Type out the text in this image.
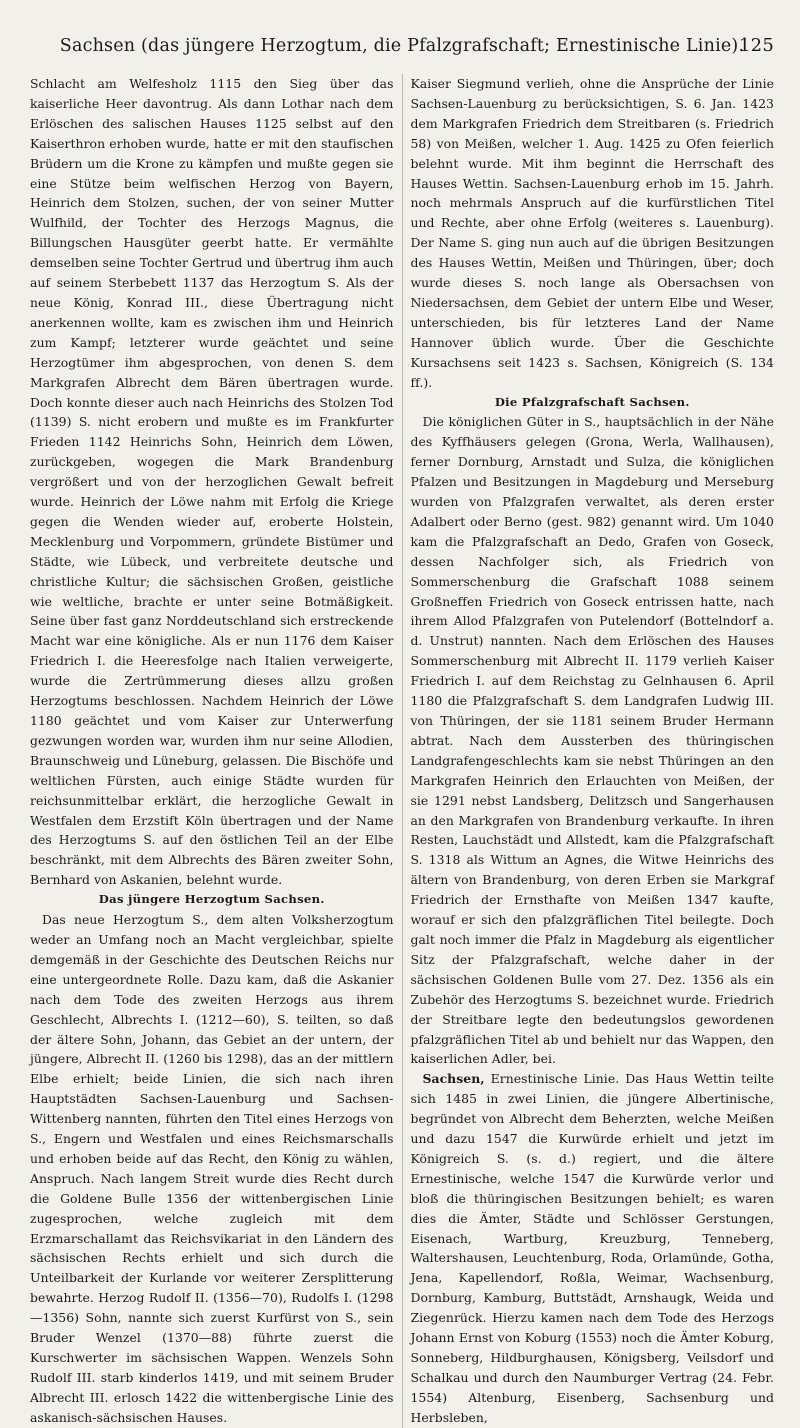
Sachsen (das jüngere Herzogtum, die Pfalzgrafschaft; Ernestinische Linie).
125

Schlacht am Welfesholz 1115 den Sieg über das kaiserliche Heer davontrug. Als dann Lothar nach dem Erlöschen des salischen Hauses 1125 selbst auf den Kaiserthron erhoben wurde, hatte er mit den staufischen Brüdern um die Krone zu kämpfen und mußte gegen sie eine Stütze beim welfischen Herzog von Bayern, Heinrich dem Stolzen, suchen, der von seiner Mutter Wulfhild, der Tochter des Herzogs Magnus, die Billungschen Hausgüter geerbt hatte. Er vermählte demselben seine Tochter Gertrud und übertrug ihm auch auf seinem Sterbebett 1137 das Herzogtum S. Als der neue König, Konrad III., diese Übertragung nicht anerkennen wollte, kam es zwischen ihm und Heinrich zum Kampf; letzterer wurde geächtet und seine Herzogtümer ihm abgesprochen, von denen S. dem Markgrafen Albrecht dem Bären übertragen wurde. Doch konnte dieser auch nach Heinrichs des Stolzen Tod (1139) S. nicht erobern und mußte es im Frankfurter Frieden 1142 Heinrichs Sohn, Heinrich dem Löwen, zurückgeben, wogegen die Mark Brandenburg vergrößert und von der herzoglichen Gewalt befreit wurde. Heinrich der Löwe nahm mit Erfolg die Kriege gegen die Wenden wieder auf, eroberte Holstein, Mecklenburg und Vorpommern, gründete Bistümer und Städte, wie Lübeck, und verbreitete deutsche und christliche Kultur; die sächsischen Großen, geistliche wie weltliche, brachte er unter seine Botmäßigkeit. Seine über fast ganz Norddeutschland sich erstreckende Macht war eine königliche. Als er nun 1176 dem Kaiser Friedrich I. die Heeresfolge nach Italien verweigerte, wurde die Zertrümmerung dieses allzu großen Herzogtums beschlossen. Nachdem Heinrich der Löwe 1180 geächtet und vom Kaiser zur Unterwerfung gezwungen worden war, wurden ihm nur seine Allodien, Braunschweig und Lüneburg, gelassen. Die Bischöfe und weltlichen Fürsten, auch einige Städte wurden für reichsunmittelbar erklärt, die herzogliche Gewalt in Westfalen dem Erzstift Köln übertragen und der Name des Herzogtums S. auf den östlichen Teil an der Elbe beschränkt, mit dem Albrechts des Bären zweiter Sohn, Bernhard von Askanien, belehnt wurde.

Das jüngere Herzogtum Sachsen.

Das neue Herzogtum S., dem alten Volksherzogtum weder an Umfang noch an Macht vergleichbar, spielte demgemäß in der Geschichte des Deutschen Reichs nur eine untergeordnete Rolle. Dazu kam, daß die Askanier nach dem Tode des zweiten Herzogs aus ihrem Geschlecht, Albrechts I. (1212—60), S. teilten, so daß der ältere Sohn, Johann, das Gebiet an der untern, der jüngere, Albrecht II. (1260 bis 1298), das an der mittlern Elbe erhielt; beide Linien, die sich nach ihren Hauptstädten Sachsen-Lauenburg und Sachsen-Wittenberg nannten, führten den Titel eines Herzogs von S., Engern und Westfalen und eines Reichsmarschalls und erhoben beide auf das Recht, den König zu wählen, Anspruch. Nach langem Streit wurde dies Recht durch die Goldene Bulle 1356 der wittenbergischen Linie zugesprochen, welche zugleich mit dem Erzmarschallamt das Reichsvikariat in den Ländern des sächsischen Rechts erhielt und sich durch die Unteilbarkeit der Kurlande vor weiterer Zersplitterung bewahrte. Herzog Rudolf II. (1356—70), Rudolfs I. (1298—1356) Sohn, nannte sich zuerst Kurfürst von S., sein Bruder Wenzel (1370—88) führte zuerst die Kurschwerter im sächsischen Wappen. Wenzels Sohn Rudolf III. starb kinderlos 1419, und mit seinem Bruder Albrecht III. erlosch 1422 die wittenbergische Linie des askanisch-sächsischen Hauses.

Kaiser Siegmund verlieh, ohne die Ansprüche der Linie Sachsen-Lauenburg zu berücksichtigen, S. 6. Jan. 1423 dem Markgrafen Friedrich dem Streitbaren (s. Friedrich 58) von Meißen, welcher 1. Aug. 1425 zu Ofen feierlich belehnt wurde. Mit ihm beginnt die Herrschaft des Hauses Wettin. Sachsen-Lauenburg erhob im 15. Jahrh. noch mehrmals Anspruch auf die kurfürstlichen Titel und Rechte, aber ohne Erfolg (weiteres s. Lauenburg). Der Name S. ging nun auch auf die übrigen Besitzungen des Hauses Wettin, Meißen und Thüringen, über; doch wurde dieses S. noch lange als Obersachsen von Niedersachsen, dem Gebiet der untern Elbe und Weser, unterschieden, bis für letzteres Land der Name Hannover üblich wurde. Über die Geschichte Kursachsens seit 1423 s. Sachsen, Königreich (S. 134 ff.).

Die Pfalzgrafschaft Sachsen.

Die königlichen Güter in S., hauptsächlich in der Nähe des Kyffhäusers gelegen (Grona, Werla, Wallhausen), ferner Dornburg, Arnstadt und Sulza, die königlichen Pfalzen und Besitzungen in Magdeburg und Merseburg wurden von Pfalzgrafen verwaltet, als deren erster Adalbert oder Berno (gest. 982) genannt wird. Um 1040 kam die Pfalzgrafschaft an Dedo, Grafen von Goseck, dessen Nachfolger sich, als Friedrich von Sommerschenburg die Grafschaft 1088 seinem Großneffen Friedrich von Goseck entrissen hatte, nach ihrem Allod Pfalzgrafen von Putelendorf (Bottelndorf a. d. Unstrut) nannten. Nach dem Erlöschen des Hauses Sommerschenburg mit Albrecht II. 1179 verlieh Kaiser Friedrich I. auf dem Reichstag zu Gelnhausen 6. April 1180 die Pfalzgrafschaft S. dem Landgrafen Ludwig III. von Thüringen, der sie 1181 seinem Bruder Hermann abtrat. Nach dem Aussterben des thüringischen Landgrafengeschlechts kam sie nebst Thüringen an den Markgrafen Heinrich den Erlauchten von Meißen, der sie 1291 nebst Landsberg, Delitzsch und Sangerhausen an den Markgrafen von Brandenburg verkaufte. In ihren Resten, Lauchstädt und Allstedt, kam die Pfalzgrafschaft S. 1318 als Wittum an Agnes, die Witwe Heinrichs des ältern von Brandenburg, von deren Erben sie Markgraf Friedrich der Ernsthafte von Meißen 1347 kaufte, worauf er sich den pfalzgräflichen Titel beilegte. Doch galt noch immer die Pfalz in Magdeburg als eigentlicher Sitz der Pfalzgrafschaft, welche daher in der sächsischen Goldenen Bulle vom 27. Dez. 1356 als ein Zubehör des Herzogtums S. bezeichnet wurde. Friedrich der Streitbare legte den bedeutungslos gewordenen pfalzgräflichen Titel ab und behielt nur das Wappen, den kaiserlichen Adler, bei.

Sachsen, Ernestinische Linie. Das Haus Wettin teilte sich 1485 in zwei Linien, die jüngere Albertinische, begründet von Albrecht dem Beherzten, welche Meißen und dazu 1547 die Kurwürde erhielt und jetzt im Königreich S. (s. d.) regiert, und die ältere Ernestinische, welche 1547 die Kurwürde verlor und bloß die thüringischen Besitzungen behielt; es waren dies die Ämter, Städte und Schlösser Gerstungen, Eisenach, Wartburg, Kreuzburg, Tenneberg, Waltershausen, Leuchtenburg, Roda, Orlamünde, Gotha, Jena, Kapellendorf, Roßla, Weimar, Wachsenburg, Dornburg, Kamburg, Buttstädt, Arnshaugk, Weida und Ziegenrück. Hierzu kamen nach dem Tode des Herzogs Johann Ernst von Koburg (1553) noch die Ämter Koburg, Sonneberg, Hildburghausen, Königsberg, Veilsdorf und Schalkau und durch den Naumburger Vertrag (24. Febr. 1554) Altenburg, Eisenberg, Sachsenburg und Herbsleben,
